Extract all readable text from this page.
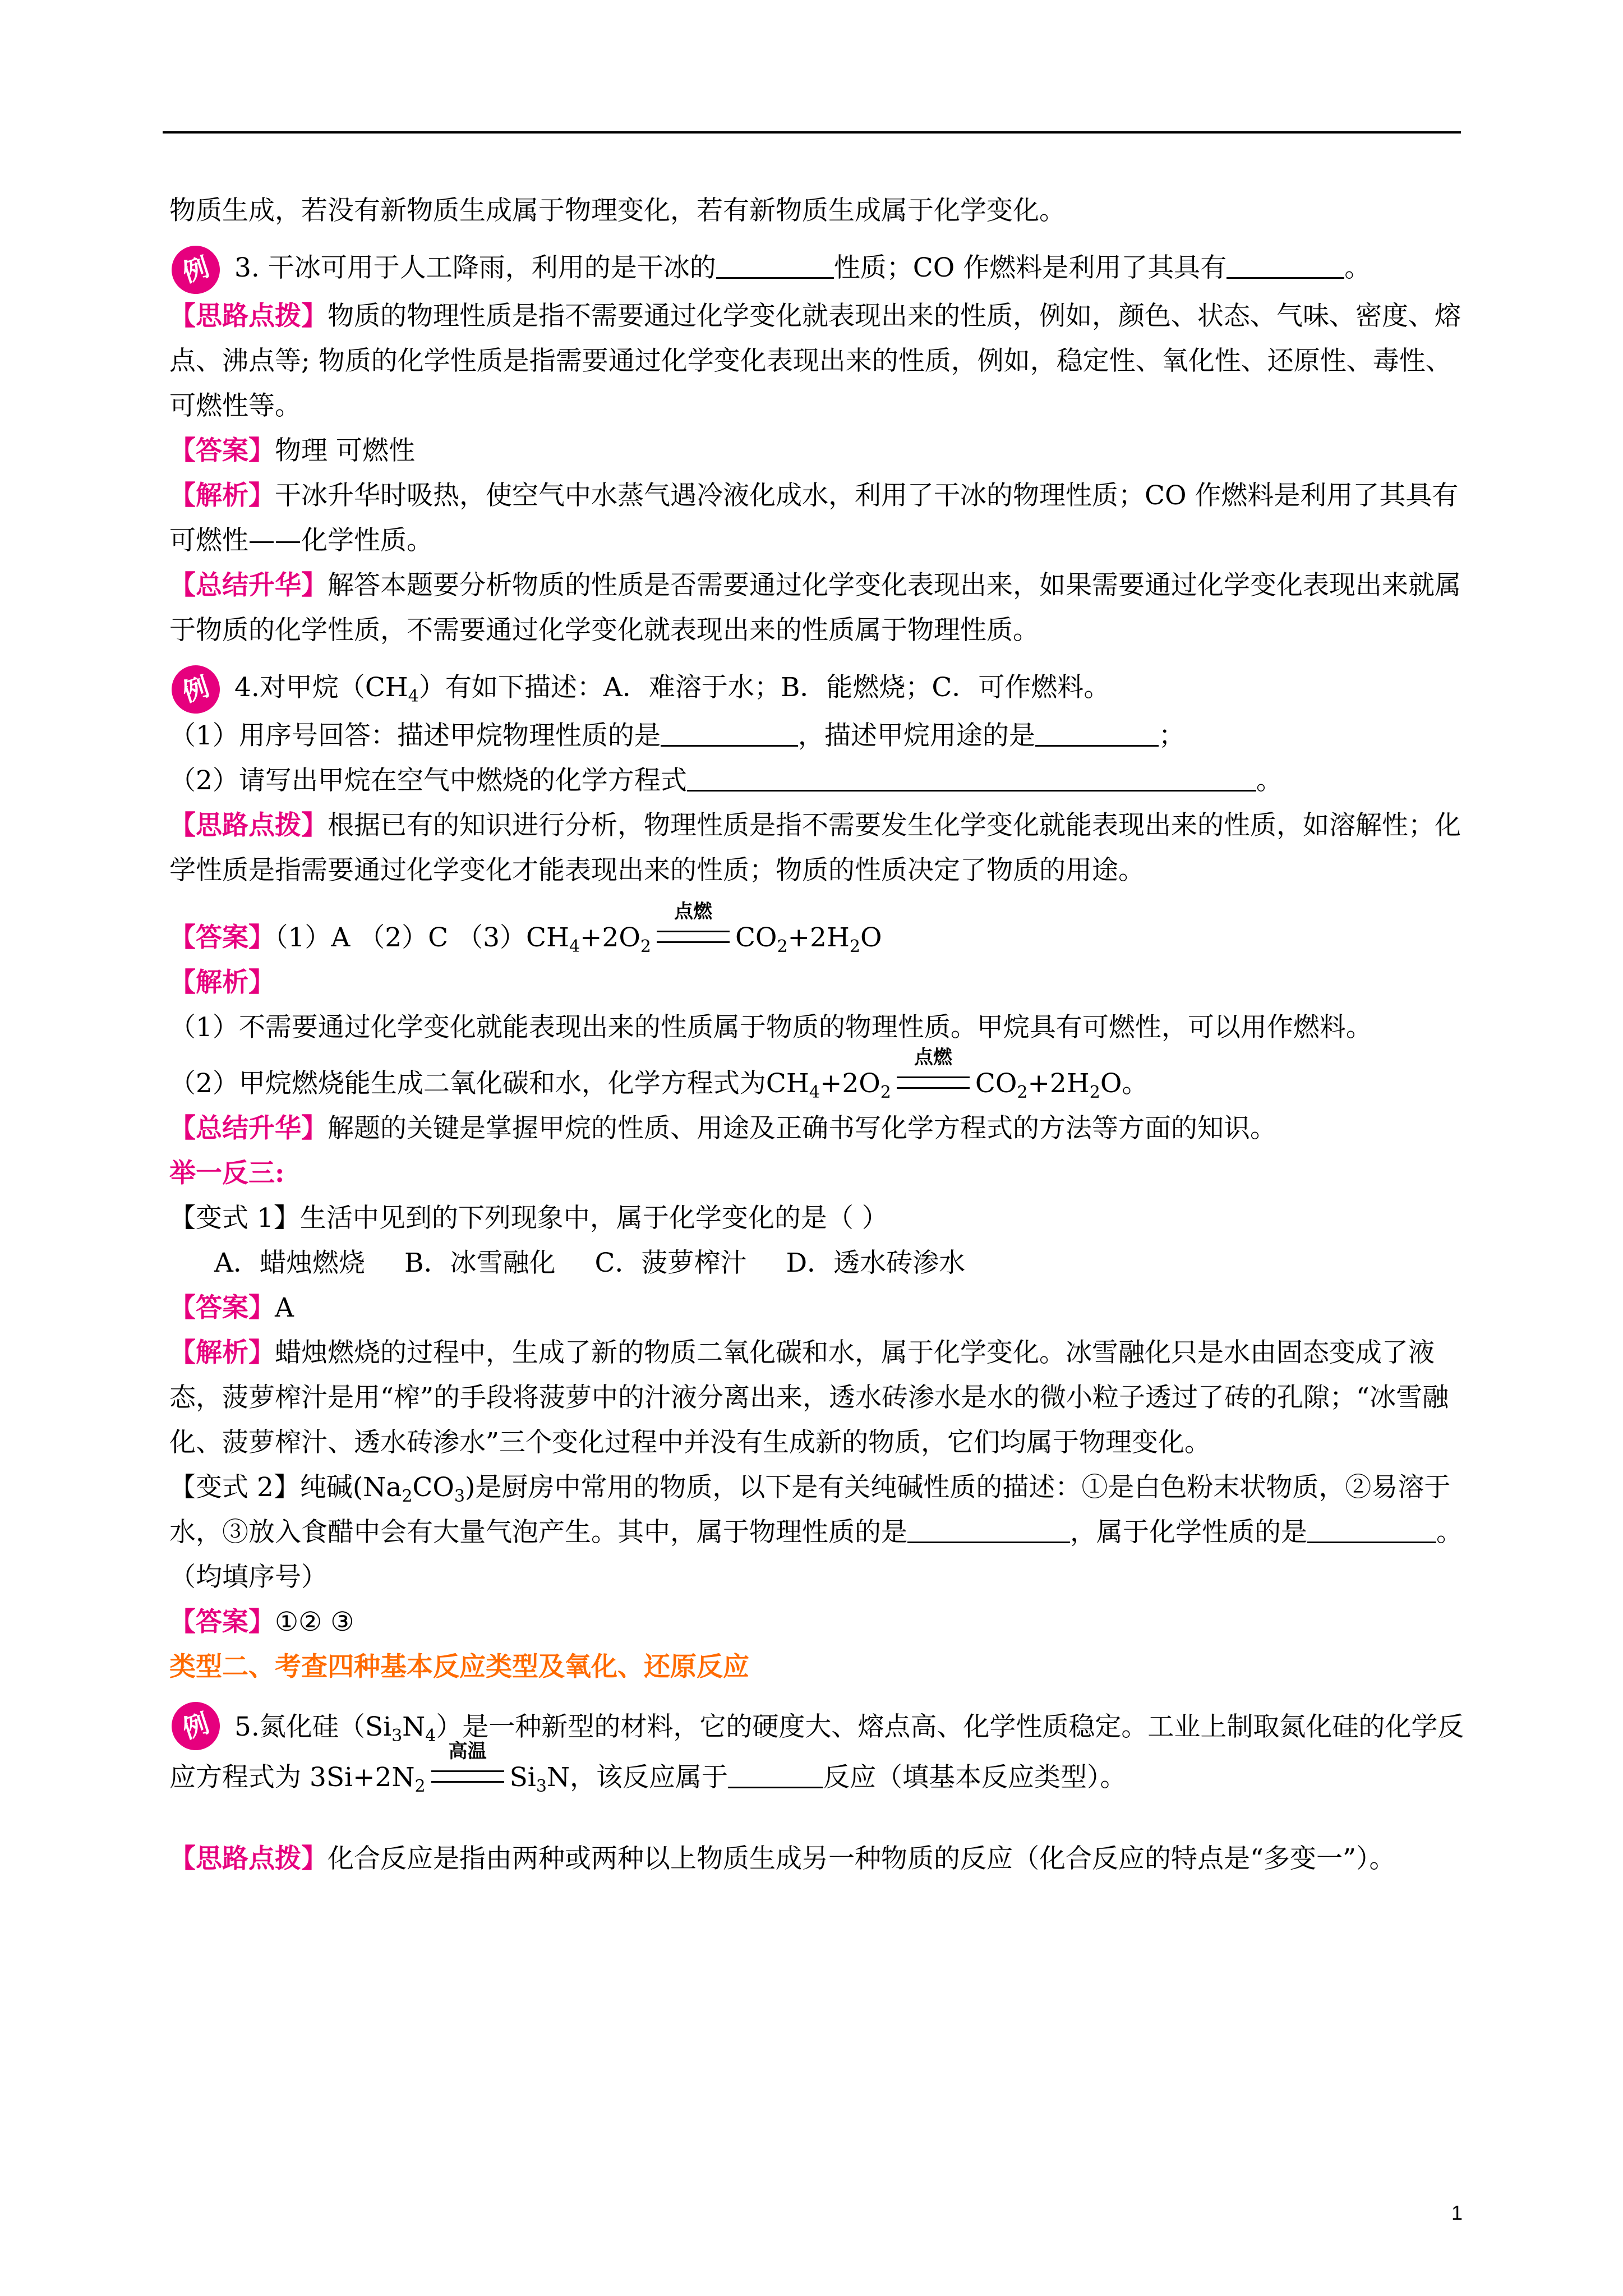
物质生成，若没有新物质生成属于物理变化，若有新物质生成属于化学变化。

例 3. 干冰可用于人工降雨，利用的是干冰的	性质；CO 作燃料是利用了其具有	。

【思路点拨】物质的物理性质是指不需要通过化学变化就表现出来的性质，例如，颜色、状态、气味、密度、熔点、沸点等; 物质的化学性质是指需要通过化学变化表现出来的性质，例如，稳定性、氧化性、还原性、毒性、可燃性等。

【答案】物理 可燃性

【解析】干冰升华时吸热，使空气中水蒸气遇冷液化成水，利用了干冰的物理性质；CO 作燃料是利用了其具有可燃性——化学性质。

【总结升华】解答本题要分析物质的性质是否需要通过化学变化表现出来，如果需要通过化学变化表现出来就属于物质的化学性质，不需要通过化学变化就表现出来的性质属于物理性质。

例 4.对甲烷$(CH_4)$有如下描述：A．难溶于水；B．能燃烧；C．可作燃料。

（1）用序号回答：描述甲烷物理性质的是	，描述甲烷用途的是	；

（2）请写出甲烷在空气中燃烧的化学方程式	。

【思路点拨】根据已有的知识进行分析，物理性质是指不需要发生化学变化就能表现出来的性质，如溶解性；化学性质是指需要通过化学变化才能表现出来的性质；物质的性质决定了物质的用途。

【答案】（1）A （2）C $(3)CH_4+2O_2$
点燃
$CO_2+2H_2O$

【解析】

（1）不需要通过化学变化就能表现出来的性质属于物质的物理性质。甲烷具有可燃性，可以用作燃料。

（2）甲烷燃烧能生成二氧化碳和水，化学方程式为$CH_4+2O_2$
点燃
$CO_2+2H_2O$。

【总结升华】解题的关键是掌握甲烷的性质、用途及正确书写化学方程式的方法等方面的知识。

举一反三:

【变式 1】生活中见到的下列现象中，属于化学变化的是（ ）

A．蜡烛燃烧 B．冰雪融化 C．菠萝榨汁 D．透水砖渗水

【答案】A

【解析】蜡烛燃烧的过程中，生成了新的物质二氧化碳和水，属于化学变化。冰雪融化只是水由固态变成了液态，菠萝榨汁是用“榨”的手段将菠萝中的汁液分离出来，透水砖渗水是水的微小粒子透过了砖的孔隙；“冰雪融化、菠萝榨汁、透水砖渗水”三个变化过程中并没有生成新的物质，它们均属于物理变化。

【变式 2】纯碱$(Na_2CO_3)$是厨房中常用的物质，以下是有关纯碱性质的描述：①是白色粉末状物质，②易溶于水，③放入食醋中会有大量气泡产生。其中，属于物理性质的是	，属于化学性质的是	。（均填序号）

【答案】①② ③

类型二、考查四种基本反应类型及氧化、还原反应

例 5.氮化硅$(Si_3N_4)$是一种新型的材料，它的硬度大、熔点高、化学性质稳定。工业上制取氮化硅的化学反应方程式为 $3Si+2N_2$
高温
$Si_3N$，该反应属于	反应（填基本反应类型）。

【思路点拨】化合反应是指由两种或两种以上物质生成另一种物质的反应（化合反应的特点是“多变一”）。

1
